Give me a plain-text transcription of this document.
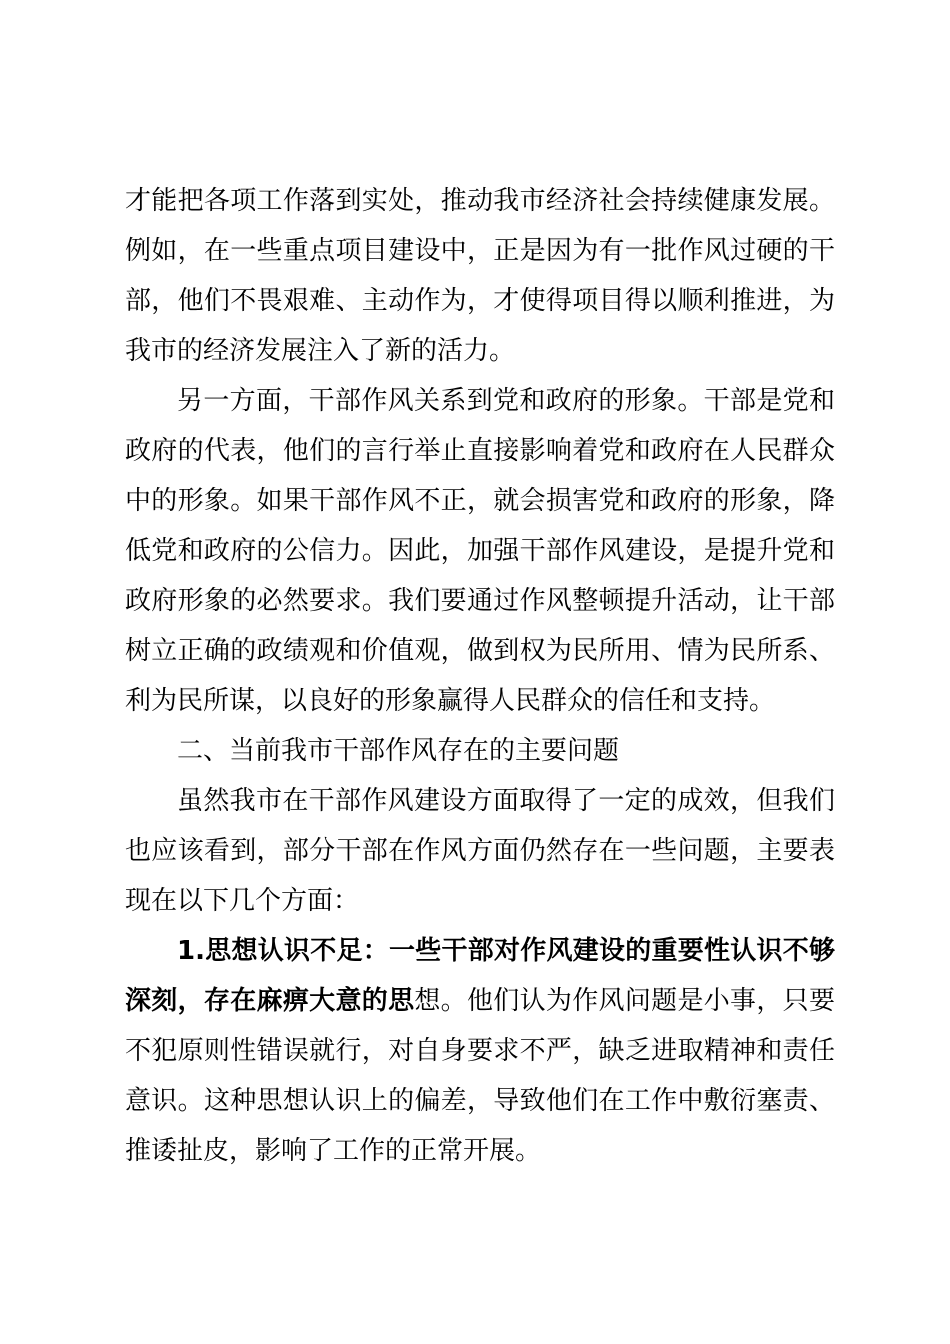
才能把各项工作落到实处，推动我市经济社会持续健康发展。
例如，在一些重点项目建设中，正是因为有一批作风过硬的干
部，他们不畏艰难、主动作为，才使得项目得以顺利推进，为
我市的经济发展注入了新的活力。
另一方面，干部作风关系到党和政府的形象。干部是党和
政府的代表，他们的言行举止直接影响着党和政府在人民群众
中的形象。如果干部作风不正，就会损害党和政府的形象，降
低党和政府的公信力。因此，加强干部作风建设，是提升党和
政府形象的必然要求。我们要通过作风整顿提升活动，让干部
树立正确的政绩观和价值观，做到权为民所用、情为民所系、
利为民所谋，以良好的形象赢得人民群众的信任和支持。
二、当前我市干部作风存在的主要问题
虽然我市在干部作风建设方面取得了一定的成效，但我们
也应该看到，部分干部在作风方面仍然存在一些问题，主要表
现在以下几个方面：
1.思想认识不足：一些干部对作风建设的重要性认识不够
深刻，存在麻痹大意的思想。他们认为作风问题是小事，只要
不犯原则性错误就行，对自身要求不严，缺乏进取精神和责任
意识。这种思想认识上的偏差，导致他们在工作中敷衍塞责、
推诿扯皮，影响了工作的正常开展。
